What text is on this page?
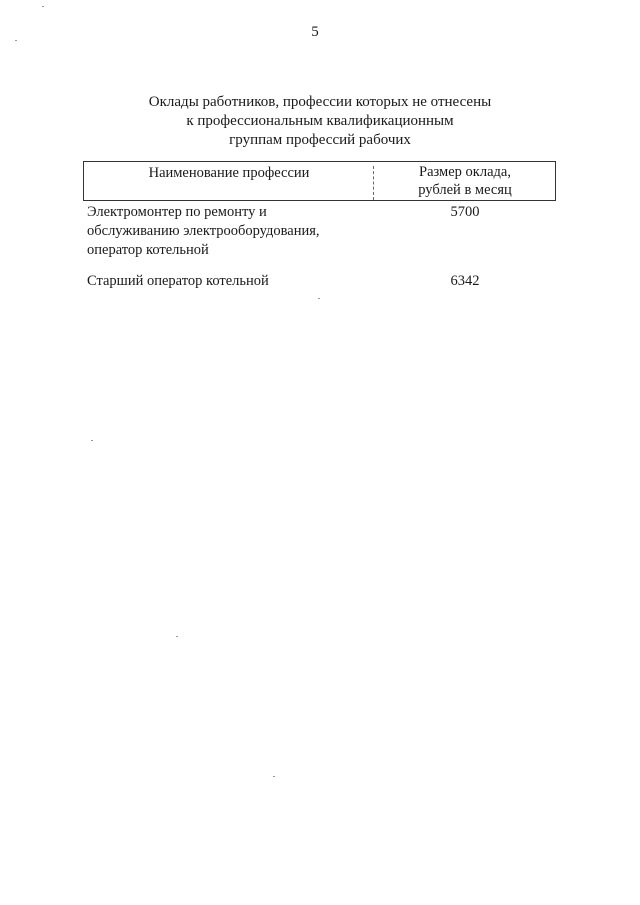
5
Оклады работников, профессии которых не отнесены
к профессиональным квалификационным
группам профессий рабочих
Наименование профессии	Размер оклада,
рублей в месяц
Электромонтер по ремонту и
обслуживанию электрооборудования,
оператор котельной
5700
Старший оператор котельной	6342
